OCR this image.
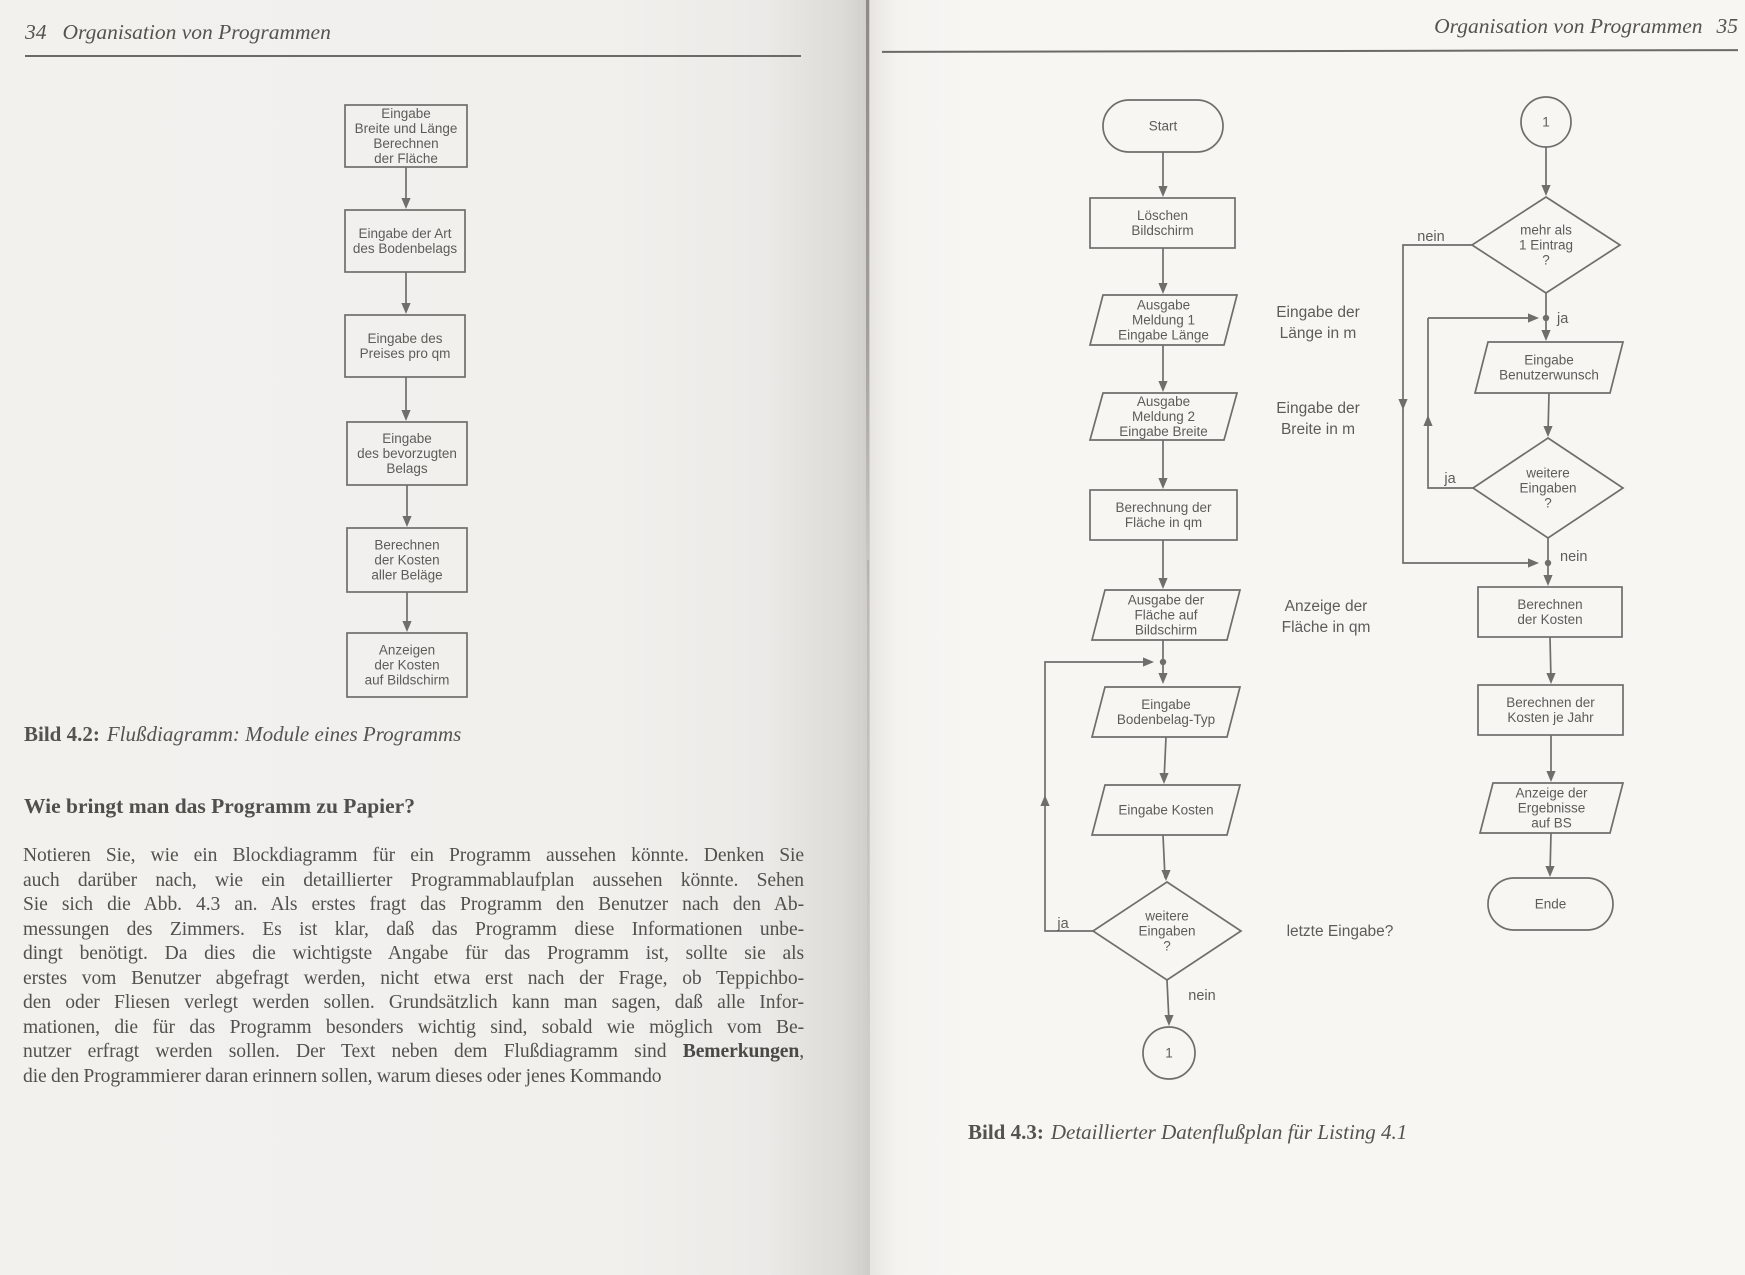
34 Organisation von Programmen	Organisation von Programmen 35
Eingabe
Breite und Länge
Berechnen
der Fläche
Eingabe der Art
des Bodenbelags
Eingabe des
Preises pro qm
Eingabe
des bevorzugten
Belags
Berechnen
der Kosten
aller Beläge
Anzeigen
der Kosten
auf Bildschirm
Start
Löschen
Bildschirm
Ausgabe
Meldung 1
Eingabe Länge
Ausgabe
Meldung 2
Eingabe Breite
Berechnung der
Fläche in qm
Ausgabe der
Fläche auf
Bildschirm
Eingabe
Bodenbelag-Typ
Eingabe Kosten
weitere
Eingaben
?
1
1
mehr als
1 Eintrag
?
Eingabe
Benutzerwunsch
weitere
Eingaben
?
Berechnen
der Kosten
Berechnen der
Kosten je Jahr
Anzeige der
Ergebnisse
auf BS
Ende
nein
ja
ja
nein
ja
nein
Eingabe der
Länge in m
Eingabe der
Breite in m
Anzeige der
Fläche in qm
letzte Eingabe?
Bild 4.2: Flußdiagramm: Module eines Programms
Wie bringt man das Programm zu Papier?
Notieren Sie, wie ein Blockdiagramm für ein Programm aussehen könnte. Denken Sie
auch darüber nach, wie ein detaillierter Programmablaufplan aussehen könnte. Sehen
Sie sich die Abb. 4.3 an. Als erstes fragt das Programm den Benutzer nach den Ab-
messungen des Zimmers. Es ist klar, daß das Programm diese Informationen unbe-
dingt benötigt. Da dies die wichtigste Angabe für das Programm ist, sollte sie als
erstes vom Benutzer abgefragt werden, nicht etwa erst nach der Frage, ob Teppichbo-
den oder Fliesen verlegt werden sollen. Grundsätzlich kann man sagen, daß alle Infor-
mationen, die für das Programm besonders wichtig sind, sobald wie möglich vom Be-
nutzer erfragt werden sollen. Der Text neben dem Flußdiagramm sind Bemerkungen,
die den Programmierer daran erinnern sollen, warum dieses oder jenes Kommando
Bild 4.3: Detaillierter Datenflußplan für Listing 4.1
